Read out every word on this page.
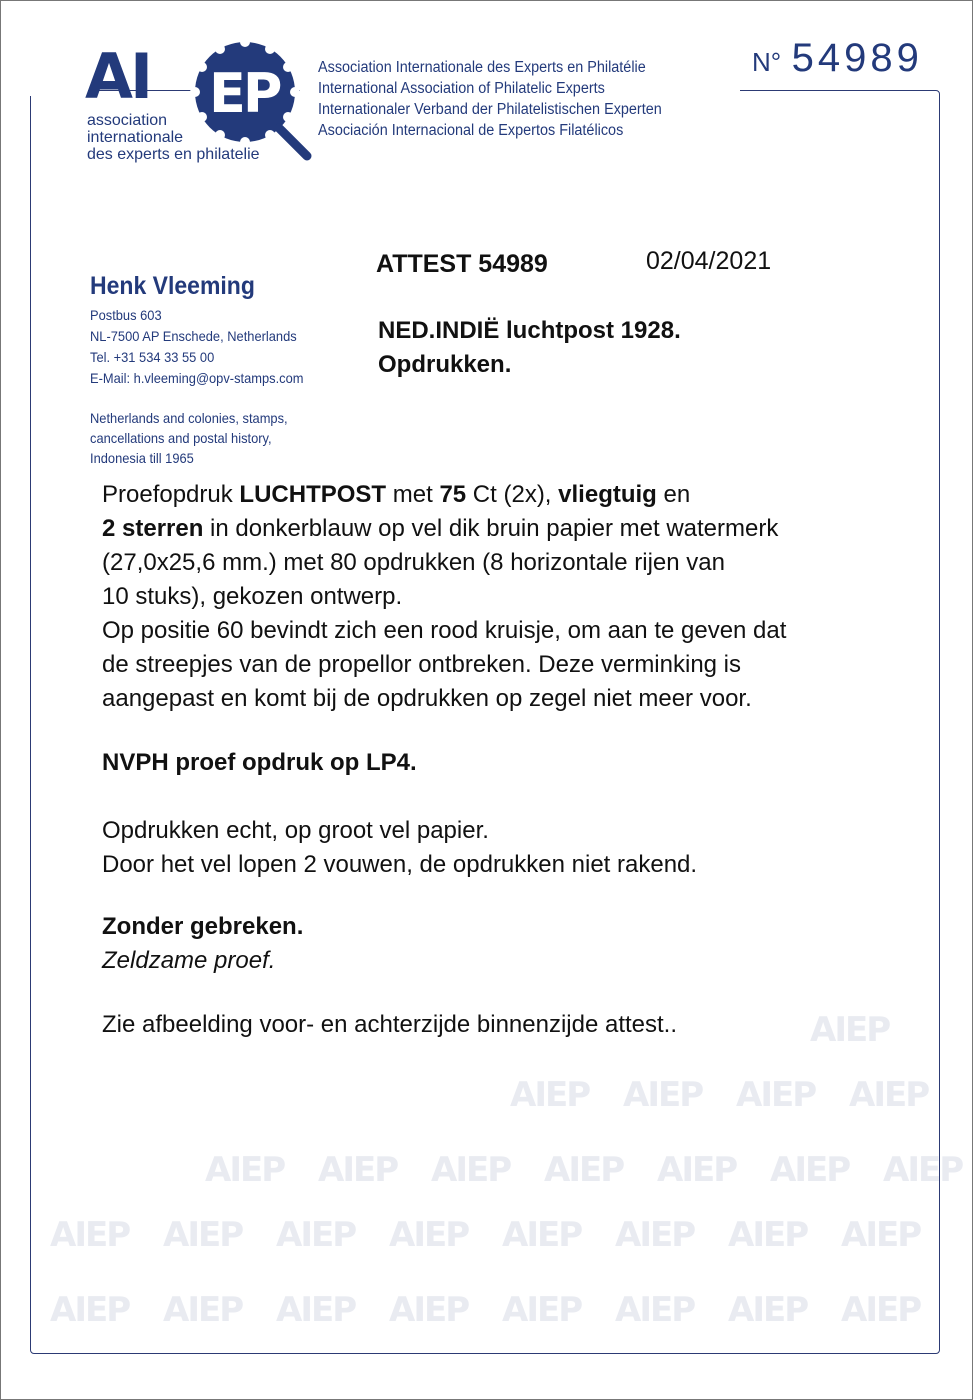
EP
AI
association
internationale
des experts en philatelie
Association Internationale des Experts en Philatélie
International Association of Philatelic Experts
Internationaler Verband der Philatelistischen Experten
Asociación Internacional de Expertos Filatélicos
N° 54989
Henk Vleeming
Postbus 603
NL-7500 AP Enschede, Netherlands
Tel. +31 534 33 55 00
E-Mail: h.vleeming@opv-stamps.com
Netherlands and colonies, stamps,
cancellations and postal history,
Indonesia till 1965
ATTEST 54989	02/04/2021
NED.INDIË luchtpost 1928.
Opdrukken.
AIEP
AIEP AIEP AIEP AIEP
AIEP AIEP AIEP AIEP AIEP AIEP AIEP
AIEP AIEP AIEP AIEP AIEP AIEP AIEP AIEP
AIEP AIEP AIEP AIEP AIEP AIEP AIEP AIEP

Proefopdruk LUCHTPOST met 75 Ct (2x), vliegtuig en

2 sterren in donkerblauw op vel dik bruin papier met watermerk

(27,0x25,6 mm.) met 80 opdrukken (8 horizontale rijen van

10 stuks), gekozen ontwerp.

Op positie 60 bevindt zich een rood kruisje, om aan te geven dat

de streepjes van de propellor ontbreken. Deze verminking is

aangepast en komt bij de opdrukken op zegel niet meer voor.

NVPH proef opdruk op LP4.

Opdrukken echt, op groot vel papier.

Door het vel lopen 2 vouwen, de opdrukken niet rakend.

Zonder gebreken.

Zeldzame proef.

Zie afbeelding voor- en achterzijde binnenzijde attest..
